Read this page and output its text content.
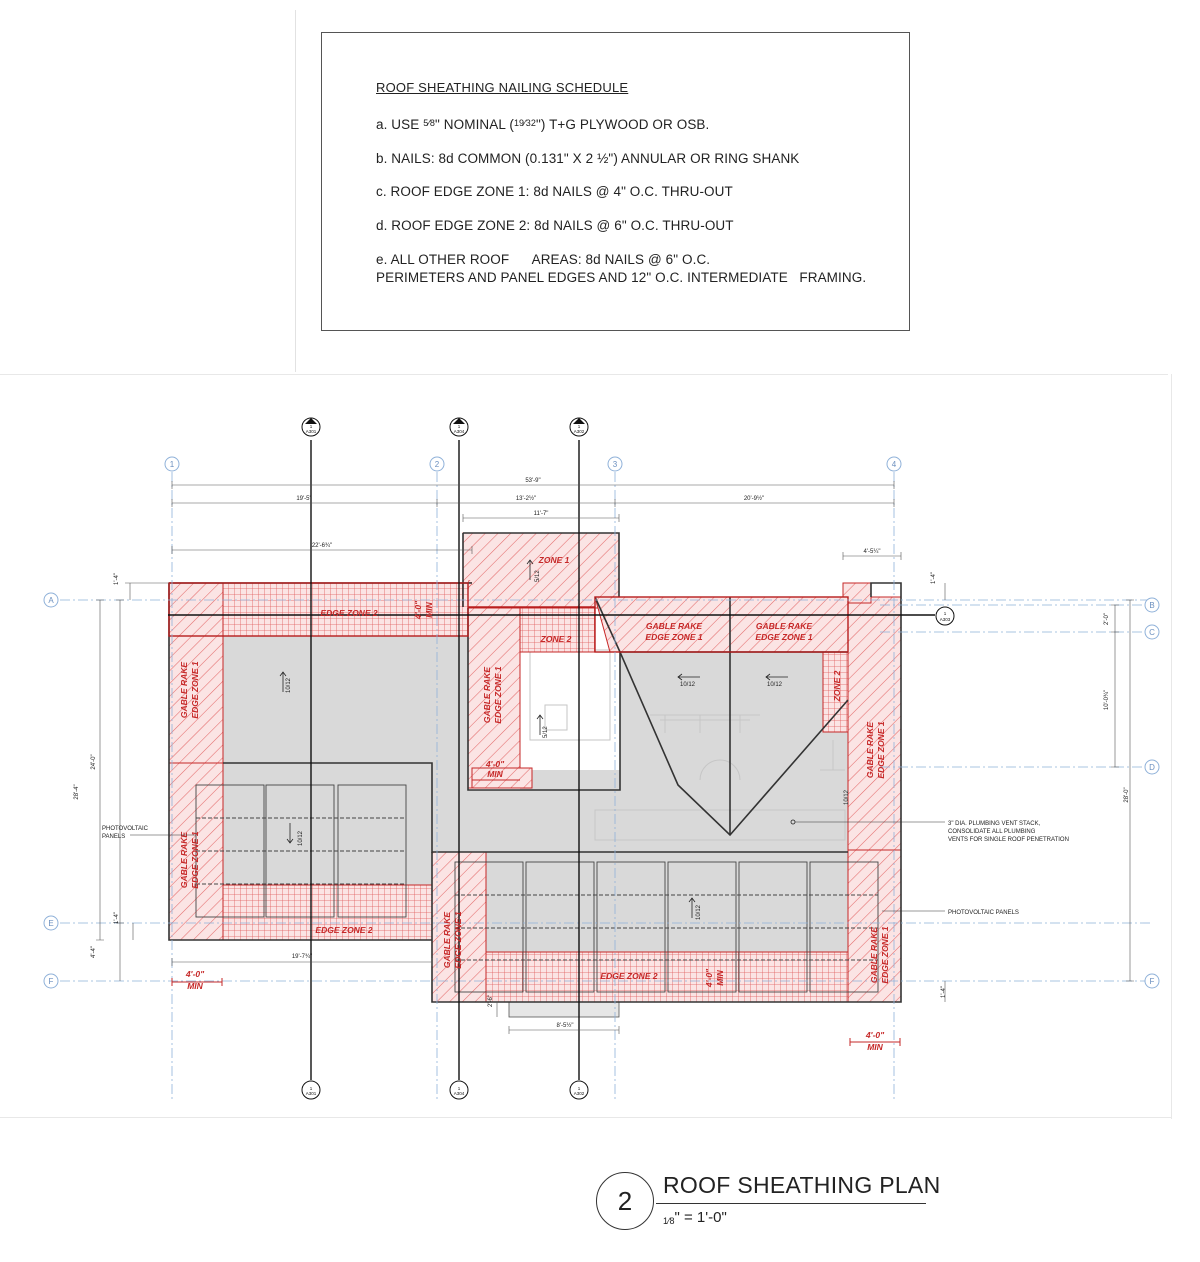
ROOF SHEATHING NAILING SCHEDULE
a. USE $^{5⁄8}$" NOMINAL ($^{19⁄32}$") T+G PLYWOOD OR OSB.
b. NAILS: 8d COMMON (0.131" X 2 ½") ANNULAR OR RING SHANK
c. ROOF EDGE ZONE 1: 8d NAILS @ 4" O.C. THRU-OUT
d. ROOF EDGE ZONE 2: 8d NAILS @ 6" O.C. THRU-OUT
e. ALL OTHER ROOF      AREAS: 8d NAILS @ 6" O.C.
PERIMETERS AND PANEL EDGES AND 12" O.C. INTERMEDIATE   FRAMING.
1	2	3	4
A
B
C
D
E
F	F
1
A301
1
A304
1
A302
1
A301
1
A304
1
A302
1
A303
53'-9"
19'-5"	13'-2½"	20'-9½"
11'-7"
22'-6¾"
4'-5¼"
1'-4"	1'-4"
2'-0"
10'-0¾"
28'-0"
28'-4"
24'-0"
1'-4"
4'-4"	19'-7¾"
2'-6"
8'-5½"
1'-4"
EDGE ZONE 2
EDGE ZONE 2
EDGE ZONE 2
ZONE 1
ZONE 2
ZONE 2
GABLE RAKE
EDGE ZONE 1
GABLE RAKE
EDGE ZONE 1
GABLE RAKE EDGE ZONE 1
GABLE RAKE EDGE ZONE 1
GABLE RAKE EDGE ZONE 1
GABLE RAKE EDGE ZONE 1
GABLE RAKE EDGE ZONE 1
GABLE RAKE EDGE ZONE 1
4'-0" MIN
4'-0" MIN
4'-0"
MIN
4'-0"
MIN
4'-0"
MIN
10/12
5/12
5/12
10/12	10/12
10/12
10/12
10/12
PHOTOVOLTAIC
PANELS
3" DIA. PLUMBING VENT STACK,
CONSOLIDATE ALL PLUMBING
VENTS FOR SINGLE ROOF PENETRATION
PHOTOVOLTAIC PANELS
2
ROOF SHEATHING PLAN
1⁄8" = 1'-0"
